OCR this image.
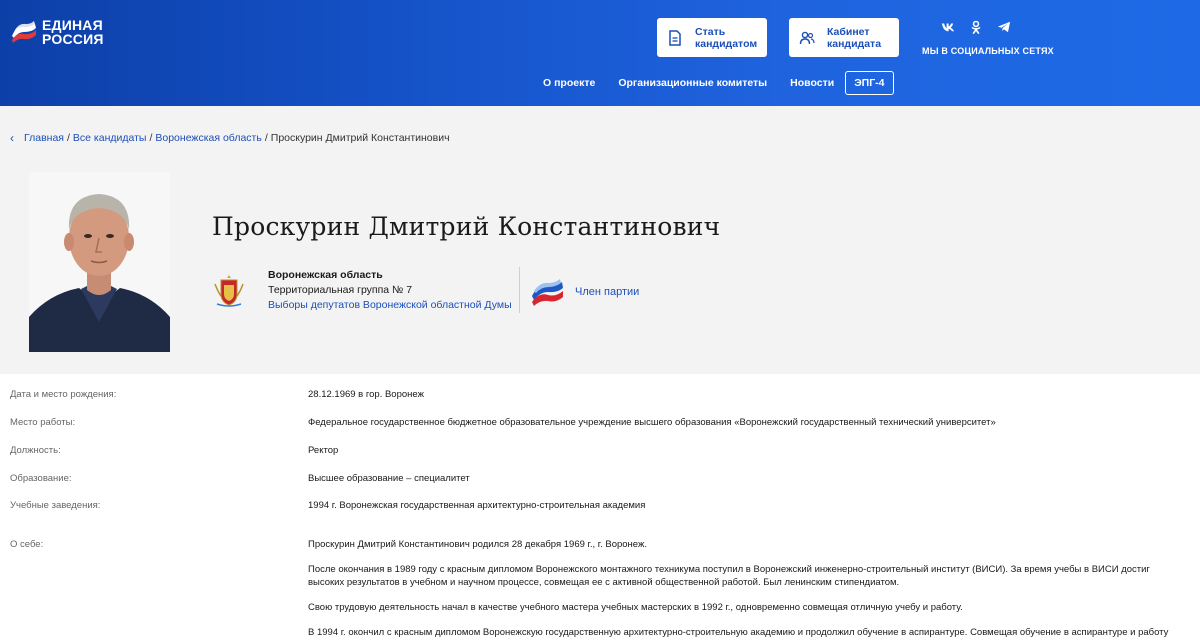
ЕДИНАЯ
РОССИЯ	Стать
кандидатом
Кабинет
кандидата
МЫ В СОЦИАЛЬНЫХ СЕТЯХ
О проекте Организационные комитеты Новости	ЭПГ-4
‹ Главная / Все кандидаты / Воронежская область / Проскурин Дмитрий Константинович
Проскурин Дмитрий Константинович
Воронежская область
Территориальная группа № 7
Выборы депутатов Воронежской областной Думы
Член партии
Дата и место рождения:	28.12.1969 в гор. Воронеж
Место работы:	Федеральное государственное бюджетное образовательное учреждение высшего образования «Воронежский государственный технический университет»
Должность:	Ректор
Образование:	Высшее образование – специалитет
Учебные заведения:	1994 г. Воронежская государственная архитектурно-строительная академия
О себе:	Проскурин Дмитрий Константинович родился 28 декабря 1969 г., г. Воронеж.

После окончания в 1989 году с красным дипломом Воронежского монтажного техникума поступил в Воронежский инженерно-строительный институт (ВИСИ). За время учебы в ВИСИ достиг высоких результатов в учебном и научном процессе, совмещая ее с активной общественной работой. Был ленинским стипендиатом.

Свою трудовую деятельность начал в качестве учебного мастера учебных мастерских в 1992 г., одновременно совмещая отличную учебу и работу.

В 1994 г. окончил с красным дипломом Воронежскую государственную архитектурно-строительную академию и продолжил обучение в аспирантуре. Совмещая обучение в аспирантуре и работу
